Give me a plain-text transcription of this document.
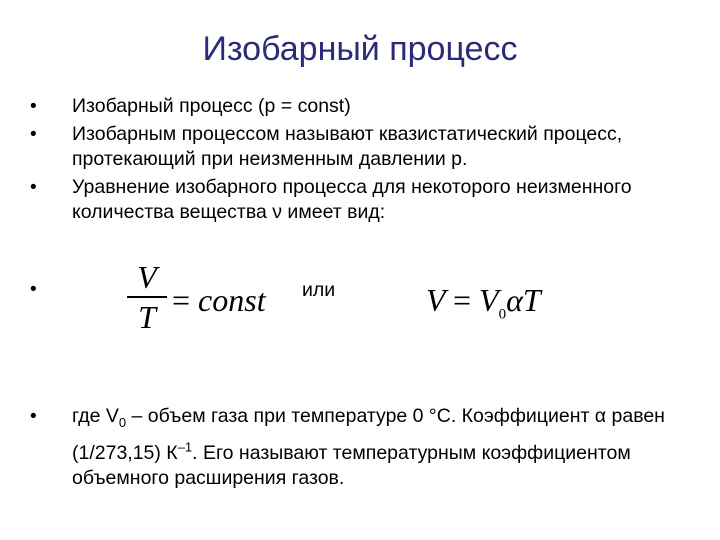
Изобарный процесс
•	Изобарный процесс (p = const)
•	Изобарным процессом называют квазистатический процесс, протекающий при неизменным давлении p.
•	Уравнение изобарного процесса для некоторого неизменного количества вещества ν имеет вид:
•	V
T = const или	$V = V_0\alpha T$
•	где $V_0$ – объем газа при температуре 0 °С. Коэффициент α равен (1/273,15) $К^{-1}$. Его называют температурным коэффициентом объемного расширения газов.
